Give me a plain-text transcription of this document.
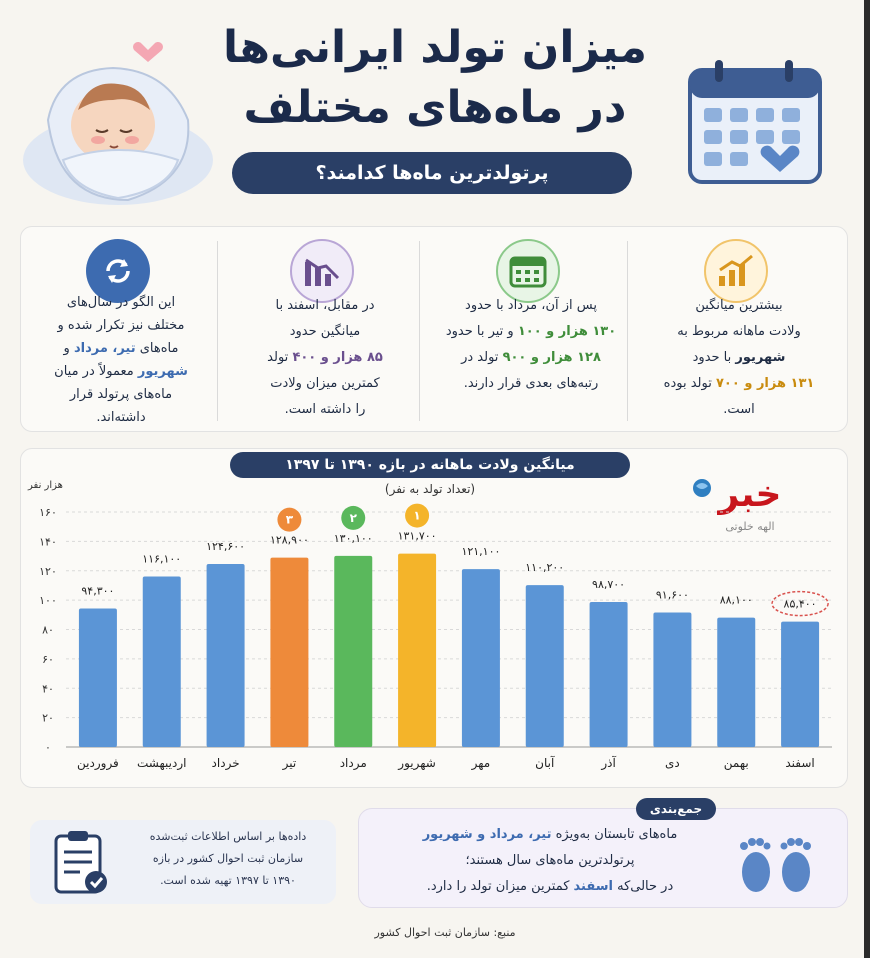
میزان تولد ایرانی‌ها
در ماه‌های مختلف
پرتولدترین ماه‌ها کدامند؟
بیشترین میانگین
ولادت ماهانه مربوط به
شهریور با حدود
۱۳۱ هزار و ۷۰۰ تولد بوده است.
پس از آن، مرداد با حدود
۱۳۰ هزار و ۱۰۰ و تیر با حدود
۱۲۸ هزار و ۹۰۰ تولد در
رتبه‌های بعدی قرار دارند.
در مقابل، اسفند با
میانگین حدود
۸۵ هزار و ۴۰۰ تولد
کمترین میزان ولادت
را داشته است.
این الگو در سال‌های
مختلف نیز تکرار شده و
ماه‌های تیر، مرداد و
شهریور معمولاً در میان
ماه‌های پرتولد قرار
داشته‌اند.
میانگین ولادت ماهانه در بازه ۱۳۹۰ تا ۱۳۹۷
(تعداد تولد به نفر)
هزار نفر	خبر
الهه خلوتی
۰
۲۰
۴۰
۶۰
۸۰
۱۰۰
۱۲۰
۱۴۰
۱۶۰
۹۴,۳۰۰
فروردین
۱۱۶,۱۰۰
اردیبهشت
۱۲۴,۶۰۰
خرداد
۱۲۸,۹۰۰
۳
تیر
۱۳۰,۱۰۰
۲
مرداد
۱۳۱,۷۰۰
۱
شهریور
۱۲۱,۱۰۰
مهر
۱۱۰,۲۰۰
آبان
۹۸,۷۰۰
آذر
۹۱,۶۰۰
دی
۸۸,۱۰۰
بهمن
۸۵,۴۰۰
اسفند
جمع‌بندی
ماه‌های تابستان به‌ویژه تیر، مرداد و شهریور
پرتولدترین ماه‌های سال هستند؛
در حالی‌که اسفند کمترین میزان تولد را دارد.
داده‌ها بر اساس اطلاعات ثبت‌شده
سازمان ثبت احوال کشور در بازه
۱۳۹۰ تا ۱۳۹۷ تهیه شده است.
منبع: سازمان ثبت احوال کشور
